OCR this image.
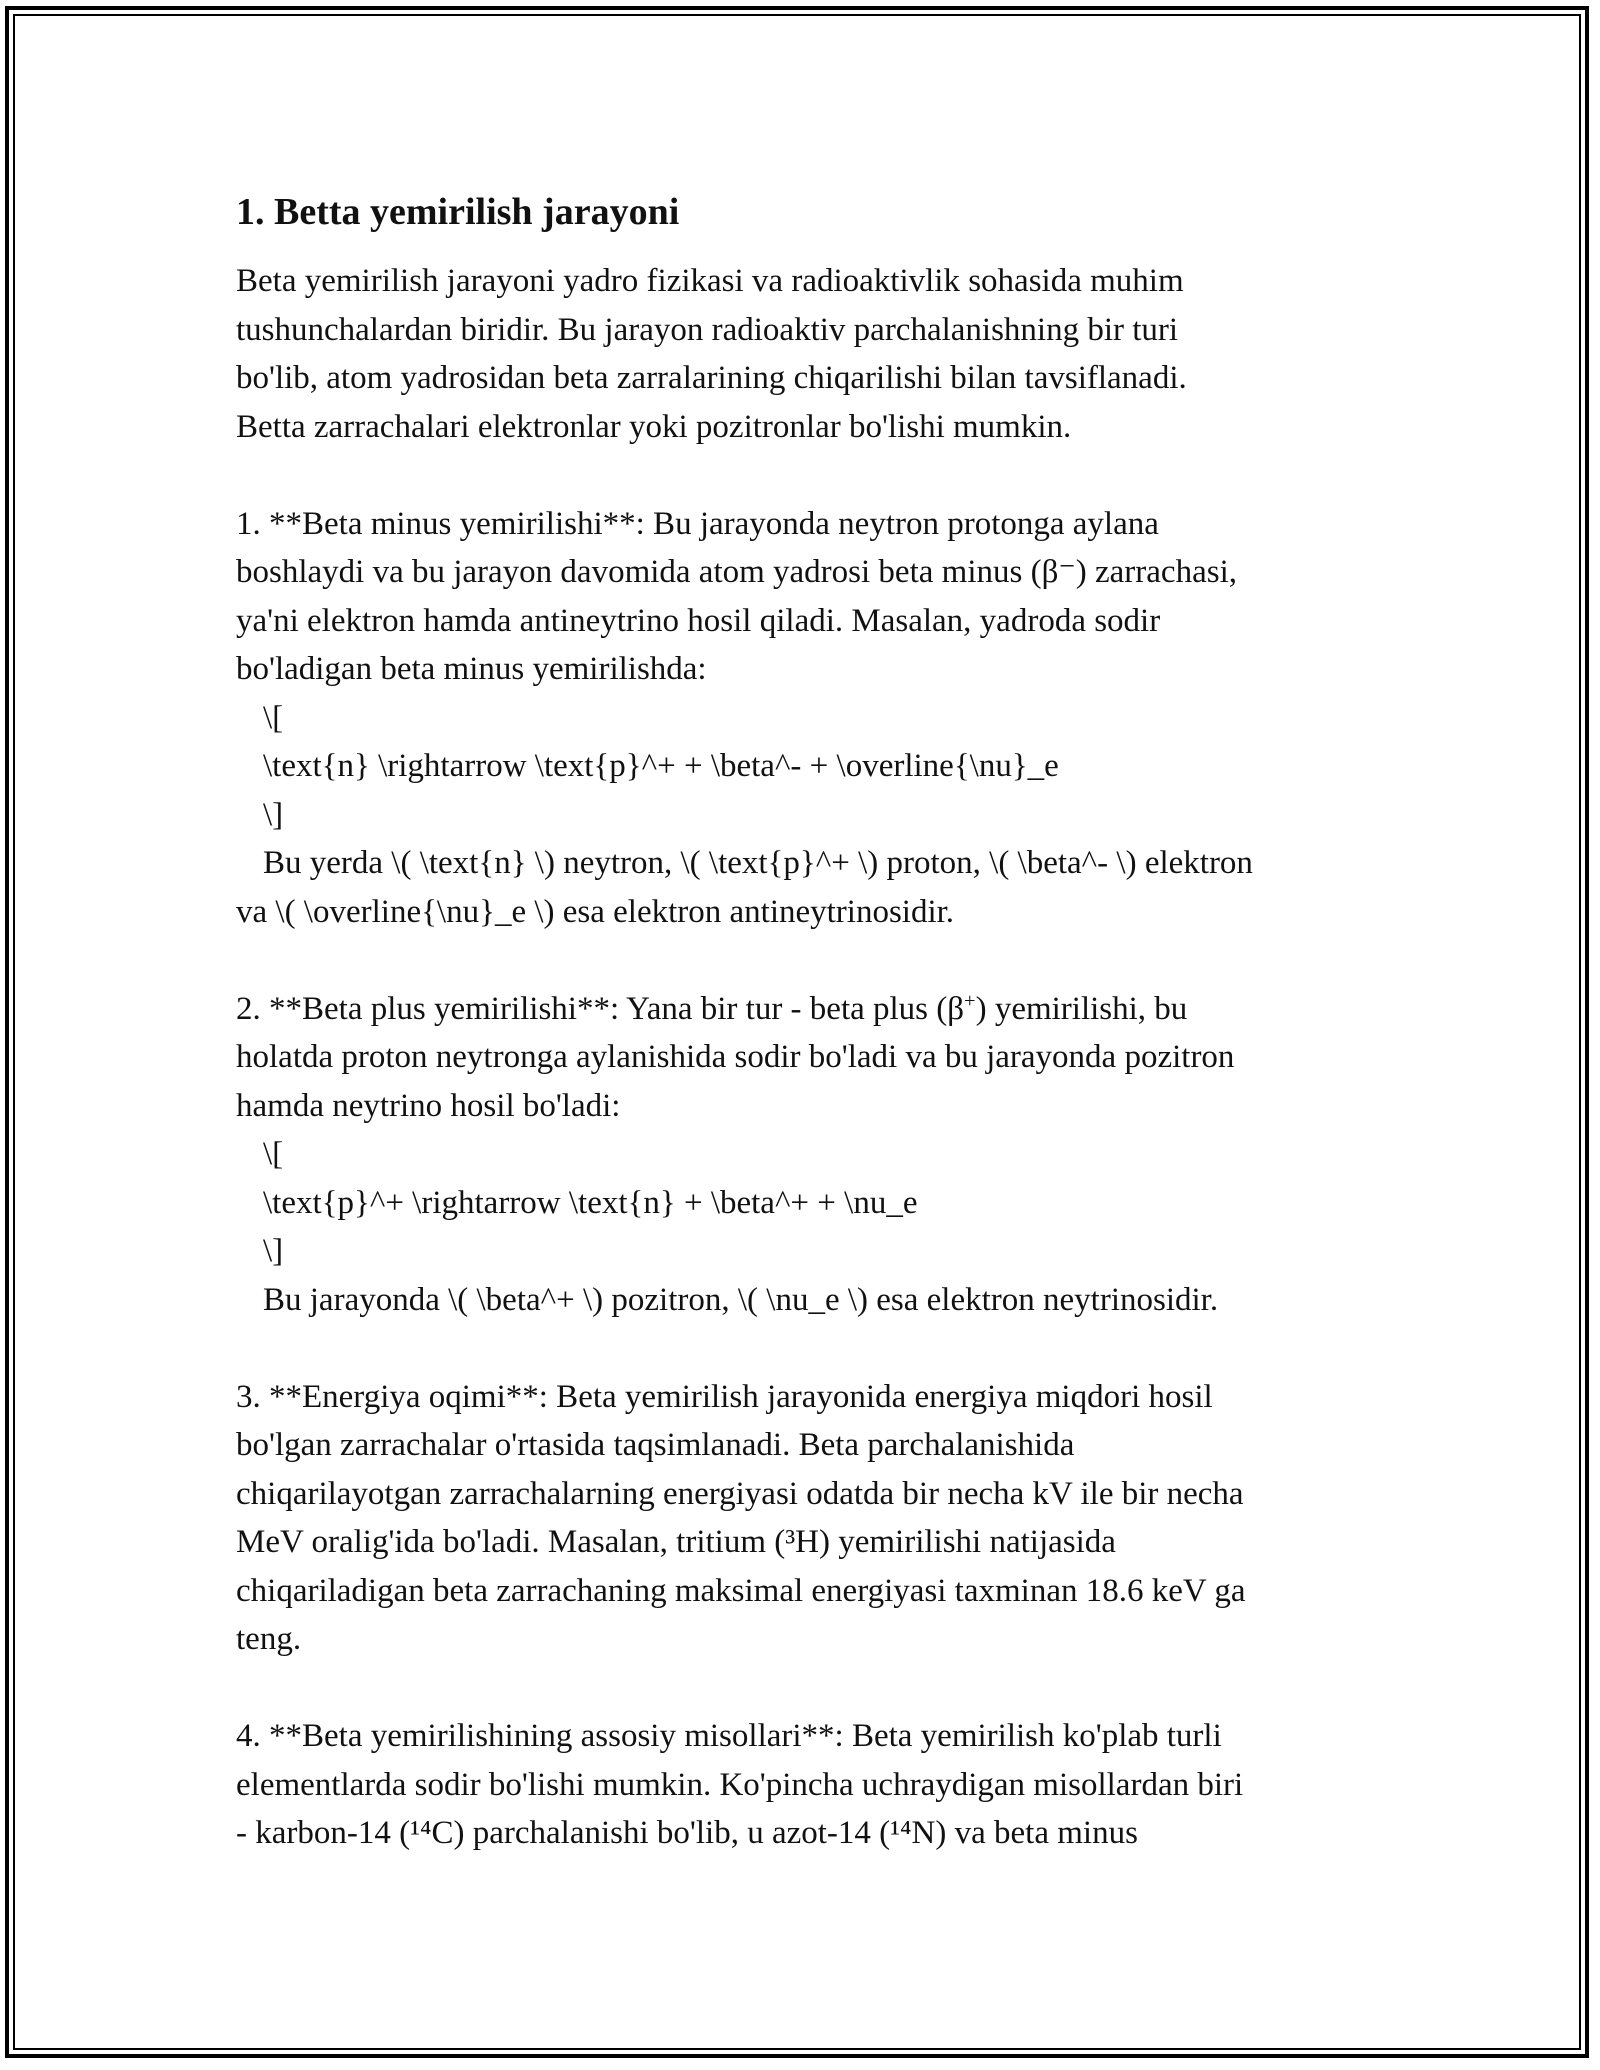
1. Betta yemirilish jarayoni
Beta yemirilish jarayoni yadro fizikasi va radioaktivlik sohasida muhim
tushunchalardan biridir. Bu jarayon radioaktiv parchalanishning bir turi
bo'lib, atom yadrosidan beta zarralarining chiqarilishi bilan tavsiflanadi.
Betta zarrachalari elektronlar yoki pozitronlar bo'lishi mumkin.
1. **Beta minus yemirilishi**: Bu jarayonda neytron protonga aylana
boshlaydi va bu jarayon davomida atom yadrosi beta minus (β⁻) zarrachasi,
ya'ni elektron hamda antineytrino hosil qiladi. Masalan, yadroda sodir
bo'ladigan beta minus yemirilishda:
\[
\text{n} \rightarrow \text{p}^+ + \beta^- + \overline{\nu}_e
\]
Bu yerda \( \text{n} \) neytron, \( \text{p}^+ \) proton, \( \beta^- \) elektron
va \( \overline{\nu}_e \) esa elektron antineytrinosidir.
2. **Beta plus yemirilishi**: Yana bir tur - beta plus (β+) yemirilishi, bu
holatda proton neytronga aylanishida sodir bo'ladi va bu jarayonda pozitron
hamda neytrino hosil bo'ladi:
\[
\text{p}^+ \rightarrow \text{n} + \beta^+ + \nu_e
\]
Bu jarayonda \( \beta^+ \) pozitron, \( \nu_e \) esa elektron neytrinosidir.
3. **Energiya oqimi**: Beta yemirilish jarayonida energiya miqdori hosil
bo'lgan zarrachalar o'rtasida taqsimlanadi. Beta parchalanishida
chiqarilayotgan zarrachalarning energiyasi odatda bir necha kV ile bir necha
MeV oralig'ida bo'ladi. Masalan, tritium (³H) yemirilishi natijasida
chiqariladigan beta zarrachaning maksimal energiyasi taxminan 18.6 keV ga
teng.
4. **Beta yemirilishining assosiy misollari**: Beta yemirilish ko'plab turli
elementlarda sodir bo'lishi mumkin. Ko'pincha uchraydigan misollardan biri
- karbon-14 (¹⁴C) parchalanishi bo'lib, u azot-14 (¹⁴N) va beta minus
